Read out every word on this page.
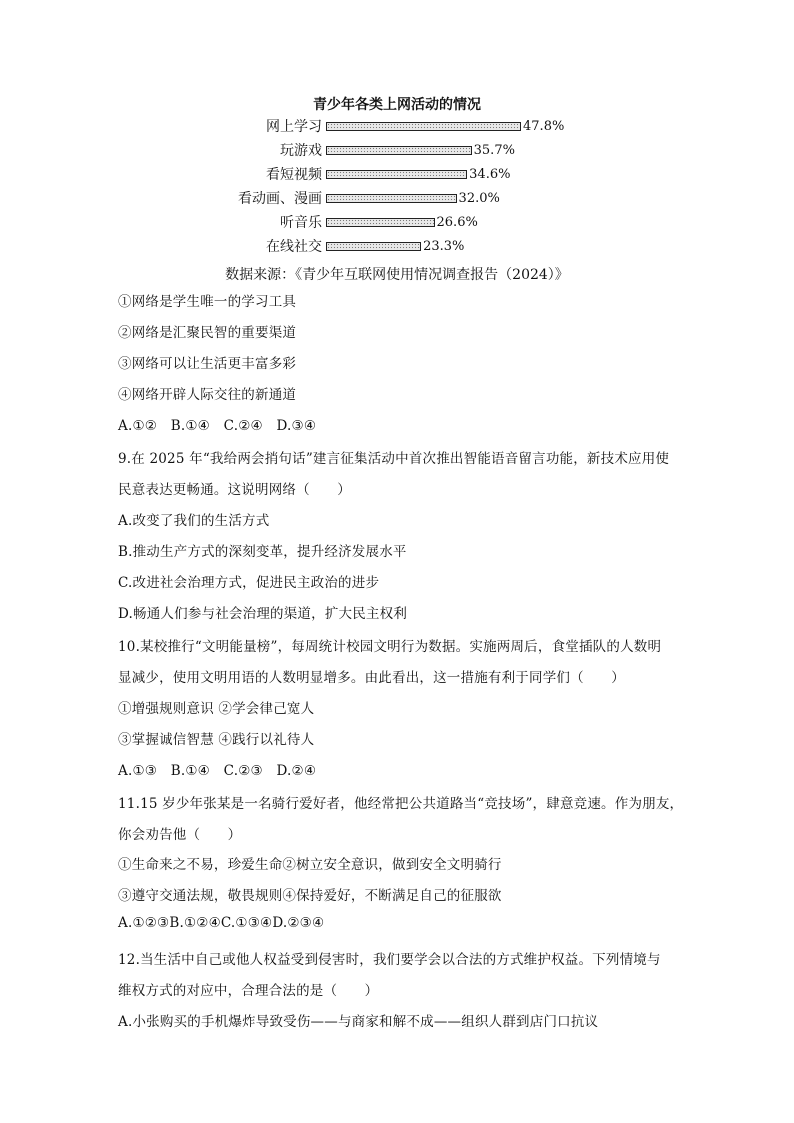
青少年各类上网活动的情况
网上学习	47.8%
玩游戏	35.7%
看短视频	34.6%
看动画、漫画	32.0%
听音乐	26.6%
在线社交	23.3%
数据来源：《青少年互联网使用情况调查报告（2024）》
①网络是学生唯一的学习工具
②网络是汇聚民智的重要渠道
③网络可以让生活更丰富多彩
④网络开辟人际交往的新通道
A.①②　B.①④　C.②④　D.③④
9.在 2025 年“我给两会捎句话”建言征集活动中首次推出智能语音留言功能，新技术应用使
民意表达更畅通。这说明网络（　　）
A.改变了我们的生活方式
B.推动生产方式的深刻变革，提升经济发展水平
C.改进社会治理方式，促进民主政治的进步
D.畅通人们参与社会治理的渠道，扩大民主权利
10.某校推行“文明能量榜”，每周统计校园文明行为数据。实施两周后，食堂插队的人数明
显减少，使用文明用语的人数明显增多。由此看出，这一措施有利于同学们（　　）
①增强规则意识 ②学会律己宽人
③掌握诚信智慧 ④践行以礼待人
A.①③　B.①④　C.②③　D.②④
11.15 岁少年张某是一名骑行爱好者，他经常把公共道路当“竞技场”，肆意竞速。作为朋友，
你会劝告他（　　）
①生命来之不易，珍爱生命②树立安全意识，做到安全文明骑行
③遵守交通法规，敬畏规则④保持爱好，不断满足自己的征服欲
A.①②③B.①②④C.①③④D.②③④
12.当生活中自己或他人权益受到侵害时，我们要学会以合法的方式维护权益。下列情境与
维权方式的对应中，合理合法的是（　　）
A.小张购买的手机爆炸导致受伤——与商家和解不成——组织人群到店门口抗议
